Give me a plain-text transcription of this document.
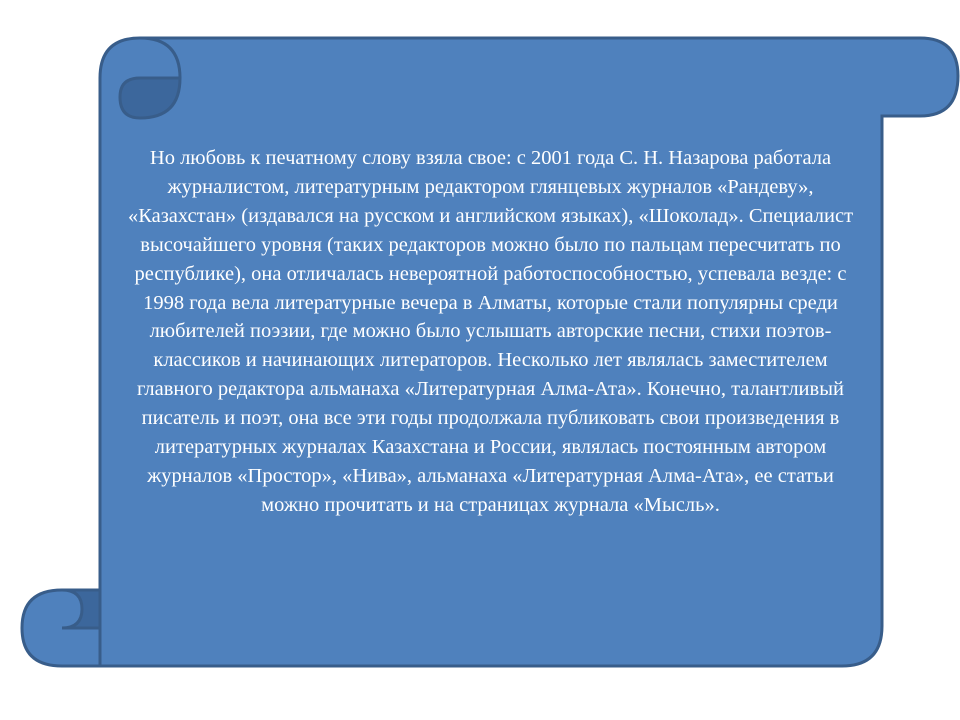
Но любовь к печатному слову взяла свое: с 2001 года С. Н. Назарова работала журналистом, литературным редактором глянцевых журналов «Рандеву», «Казахстан» (издавался на русском и английском языках), «Шоколад». Специалист высочайшего уровня (таких редакторов можно было по пальцам пересчитать по республике), она отличалась невероятной работоспособностью, успевала везде: с 1998 года вела литературные вечера в Алматы, которые стали популярны среди любителей поэзии, где можно было услышать авторские песни, стихи поэтов-классиков и начинающих литераторов. Несколько лет являлась заместителем главного редактора альманаха «Литературная Алма-Ата». Конечно, талантливый писатель и поэт, она все эти годы продолжала публиковать свои произведения в литературных журналах Казахстана и России, являлась постоянным автором журналов «Простор», «Нива», альманаха «Литературная Алма-Ата», ее статьи можно прочитать и на страницах журнала «Мысль».
